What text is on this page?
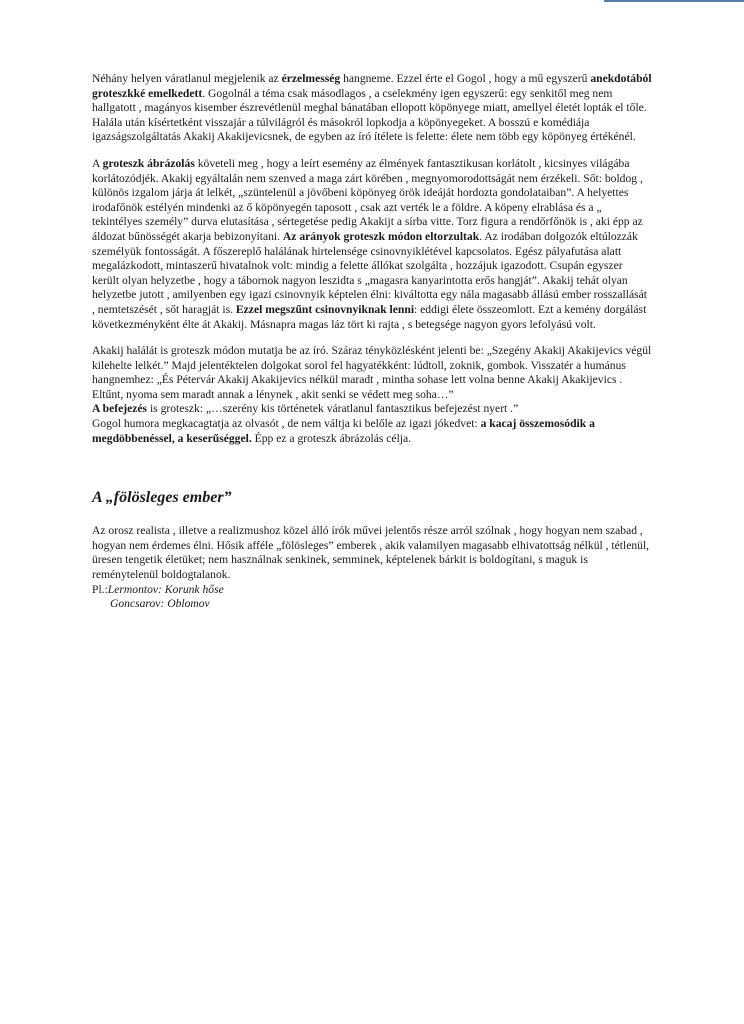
Néhány helyen váratlanul megjelenik az érzelmesség hangneme. Ezzel érte el Gogol , hogy a mű egyszerű anekdotából groteszkké emelkedett. Gogolnál a téma csak másodlagos , a cselekmény igen egyszerű: egy senkitől meg nem hallgatott , magányos kisember észrevétlenül meghal bánatában ellopott köpönyege miatt, amellyel életét lopták el tőle. Halála után kísértetként visszajár a túlvilágról és másokról lopkodja a köpönyegeket. A bosszú e komédiája igazságszolgáltatás Akakij Akakijevicsnek, de egyben az író ítélete is felette: élete nem több egy köpönyeg értékénél.

A groteszk ábrázolás követeli meg , hogy a leírt esemény az élmények fantasztikusan korlátolt , kicsinyes világába korlátozódjék. Akakij egyáltalán nem szenved a maga zárt körében , megnyomorodottságát nem érzékeli. Sőt: boldog , különös izgalom járja át lelkét, „szüntelenül a jövőbeni köpönyeg örök ideáját hordozta gondolataiban”. A helyettes irodafőnök estélyén mindenki az ő köpönyegén taposott , csak azt verték le a földre. A köpeny elrablása és a „ tekintélyes személy” durva elutasítása , sértegetése pedig Akakijt a sírba vitte. Torz figura a rendőrfőnök is , aki épp az áldozat bűnösségét akarja bebizonyítani. Az arányok groteszk módon eltorzultak. Az irodában dolgozók eltúlozzák személyük fontosságát. A főszereplő halálának hirtelensége csinovnyiklétével kapcsolatos. Egész pályafutása alatt megalázkodott, mintaszerű hivatalnok volt: mindig a felette állókat szolgálta , hozzájuk igazodott. Csupán egyszer került olyan helyzetbe , hogy a tábornok nagyon leszidta s „magasra kanyarintotta erős hangját”. Akakij tehát olyan helyzetbe jutott , amilyenben egy igazi csinovnyik képtelen élni: kiváltotta egy nála magasabb állású ember rosszallását , nemtetszését , sőt haragját is. Ezzel megszűnt csinovnyiknak lenni: eddigi élete összeomlott. Ezt a kemény dorgálást következményként élte át Akakij. Másnapra magas láz tört ki rajta , s betegsége nagyon gyors lefolyású volt.

Akakij halálát is groteszk módon mutatja be az író. Száraz tényközlésként jelenti be: „Szegény Akakij Akakijevics végül kilehelte lelkét.” Majd jelentéktelen dolgokat sorol fel hagyatékként: lúdtoll, zoknik, gombok. Visszatér a humánus hangnemhez: „És Pétervár Akakij Akakijevics nélkül maradt , mintha sohase lett volna benne Akakij Akakijevics . Eltűnt, nyoma sem maradt annak a lénynek , akit senki se védett meg soha…”

A befejezés is groteszk: „…szerény kis történetek váratlanul fantasztikus befejezést nyert .”

Gogol humora megkacagtatja az olvasót , de nem váltja ki belőle az igazi jókedvet: a kacaj összemosódik a megdöbbenéssel, a keserűséggel. Épp ez a groteszk ábrázolás célja.

A „fölösleges ember”

Az orosz realista , illetve a realizmushoz közel álló írók művei jelentős része arról szólnak , hogy hogyan nem szabad , hogyan nem érdemes élni. Hősik afféle „fölösleges” emberek , akik valamilyen magasabb elhivatottság nélkül , tétlenül, üresen tengetik életüket; nem használnak senkinek, semminek, képtelenek bárkit is boldogítani, s maguk is reménytelenül boldogtalanok.

Pl.:Lermontov: Korunk hőse
Goncsarov: Oblomov
